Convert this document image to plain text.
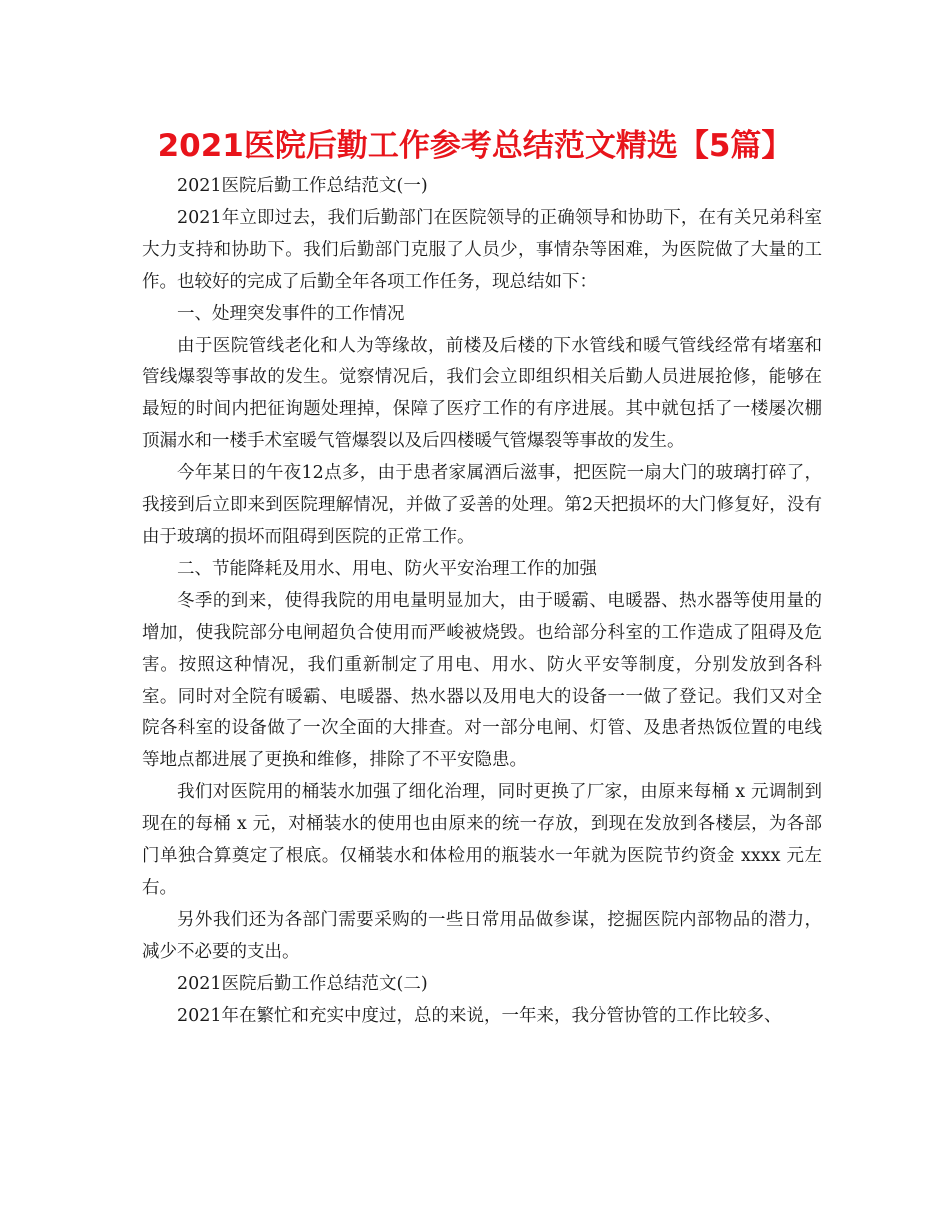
2021医院后勤工作参考总结范文精选【5篇】

2021医院后勤工作总结范文(一)

2021年立即过去，我们后勤部门在医院领导的正确领导和协助下，在有关兄弟科室大力支持和协助下。我们后勤部门克服了人员少，事情杂等困难，为医院做了大量的工作。也较好的完成了后勤全年各项工作任务，现总结如下：

一、处理突发事件的工作情况

由于医院管线老化和人为等缘故，前楼及后楼的下水管线和暖气管线经常有堵塞和管线爆裂等事故的发生。觉察情况后，我们会立即组织相关后勤人员进展抢修，能够在最短的时间内把征询题处理掉，保障了医疗工作的有序进展。其中就包括了一楼屡次棚顶漏水和一楼手术室暖气管爆裂以及后四楼暖气管爆裂等事故的发生。

今年某日的午夜12点多，由于患者家属酒后滋事，把医院一扇大门的玻璃打碎了，我接到后立即来到医院理解情况，并做了妥善的处理。第2天把损坏的大门修复好，没有由于玻璃的损坏而阻碍到医院的正常工作。

二、节能降耗及用水、用电、防火平安治理工作的加强

冬季的到来，使得我院的用电量明显加大，由于暖霸、电暖器、热水器等使用量的增加，使我院部分电闸超负合使用而严峻被烧毁。也给部分科室的工作造成了阻碍及危害。按照这种情况，我们重新制定了用电、用水、防火平安等制度，分别发放到各科室。同时对全院有暖霸、电暖器、热水器以及用电大的设备一一做了登记。我们又对全院各科室的设备做了一次全面的大排查。对一部分电闸、灯管、及患者热饭位置的电线等地点都进展了更换和维修，排除了不平安隐患。

我们对医院用的桶装水加强了细化治理，同时更换了厂家，由原来每桶 x 元调制到现在的每桶 x 元，对桶装水的使用也由原来的统一存放，到现在发放到各楼层，为各部门单独合算奠定了根底。仅桶装水和体检用的瓶装水一年就为医院节约资金 xxxx 元左右。

另外我们还为各部门需要采购的一些日常用品做参谋，挖掘医院内部物品的潜力，减少不必要的支出。

2021医院后勤工作总结范文(二)

2021年在繁忙和充实中度过，总的来说，一年来，我分管协管的工作比较多、
